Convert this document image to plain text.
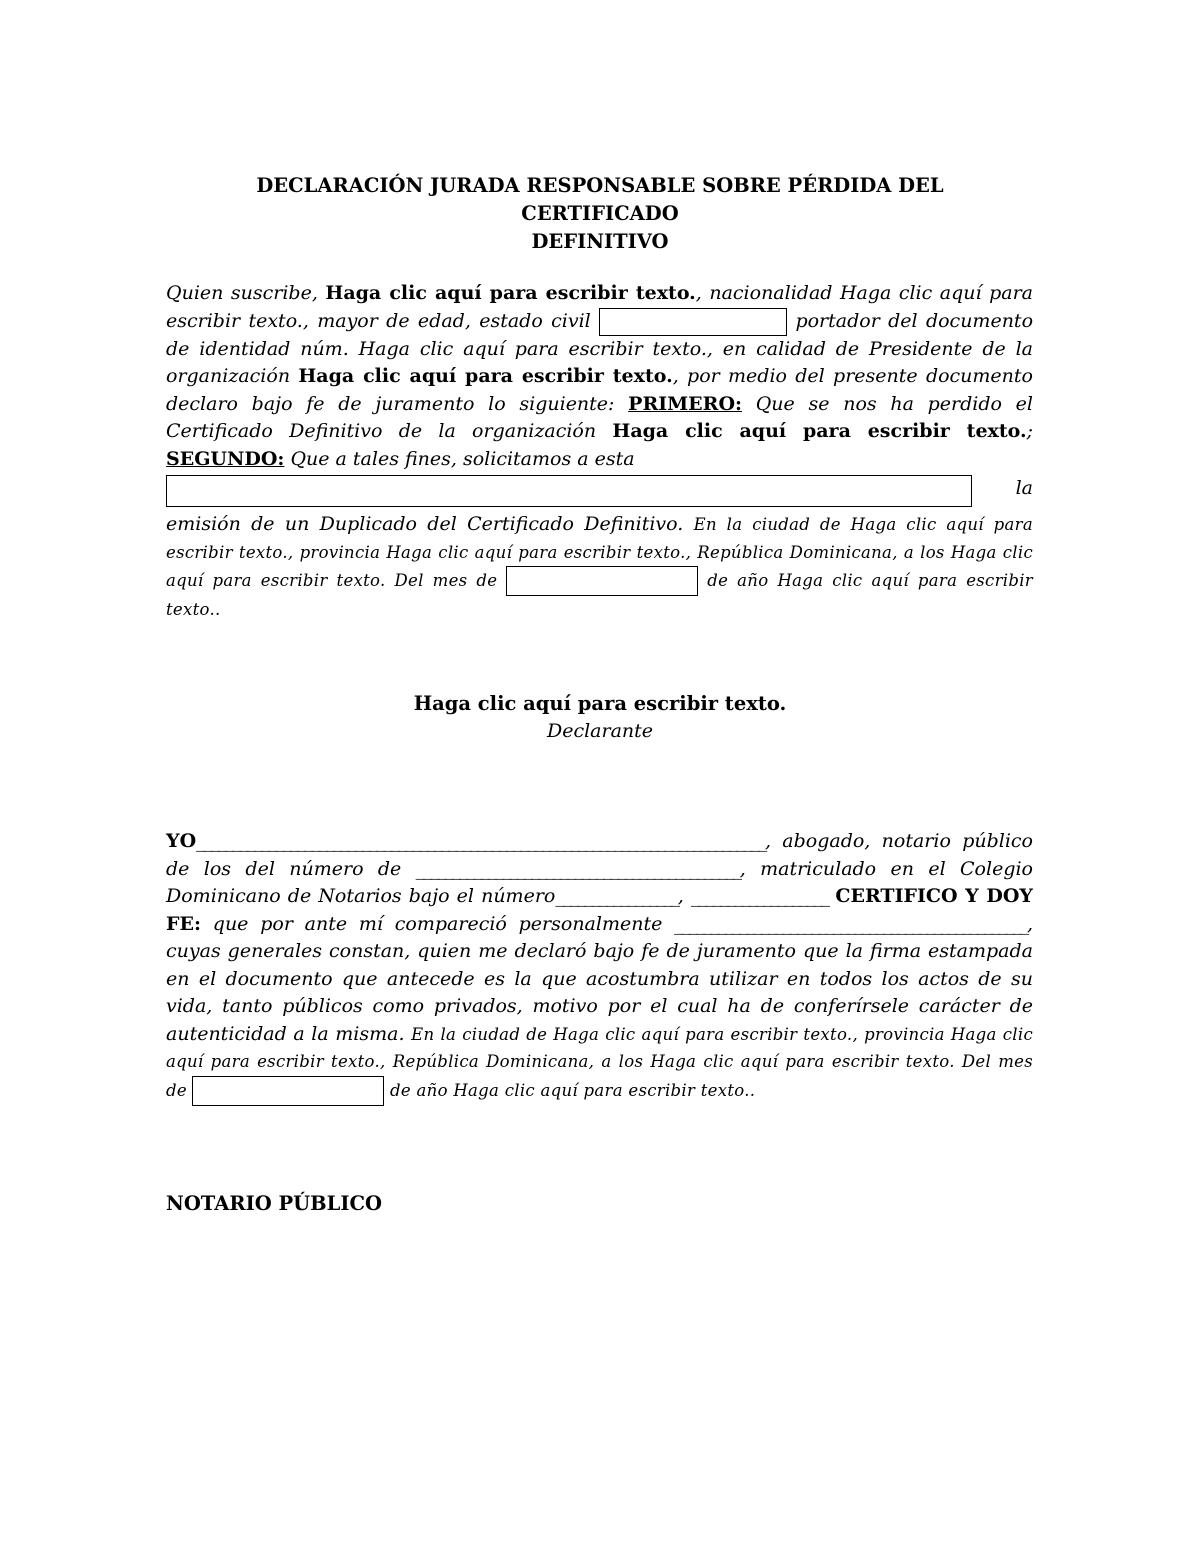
DECLARACIÓN JURADA RESPONSABLE SOBRE PÉRDIDA DEL CERTIFICADO
DEFINITIVO
Quien suscribe, Haga clic aquí para escribir texto., nacionalidad Haga clic aquí para escribir texto., mayor de edad, estado civil	portador del documento de identidad núm. Haga clic aquí para escribir texto., en calidad de Presidente de la organización Haga clic aquí para escribir texto., por medio del presente documento declaro bajo fe de juramento lo siguiente: PRIMERO: Que se nos ha perdido el Certificado Definitivo de la organización Haga clic aquí para escribir texto.; SEGUNDO: Que a tales fines, solicitamos a esta
la
emisión de un Duplicado del Certificado Definitivo. En la ciudad de Haga clic aquí para escribir texto., provincia Haga clic aquí para escribir texto., República Dominicana, a los Haga clic aquí para escribir texto. Del mes de	de año Haga clic aquí para escribir texto..
Haga clic aquí para escribir texto.
Declarante
YO_______________________________________________________________________________, abogado, notario público de los del número de _____________________________________________, matriculado en el Colegio Dominicano de Notarios bajo el número_________________, ___________________ CERTIFICO Y DOY FE: que por ante mí compareció personalmente _________________________________________________, cuyas generales constan, quien me declaró bajo fe de juramento que la firma estampada en el documento que antecede es la que acostumbra utilizar en todos los actos de su vida, tanto públicos como privados, motivo por el cual ha de conferírsele carácter de autenticidad a la misma. En la ciudad de Haga clic aquí para escribir texto., provincia Haga clic aquí para escribir texto., República Dominicana, a los Haga clic aquí para escribir texto. Del mes de	de año Haga clic aquí para escribir texto..
NOTARIO PÚBLICO
